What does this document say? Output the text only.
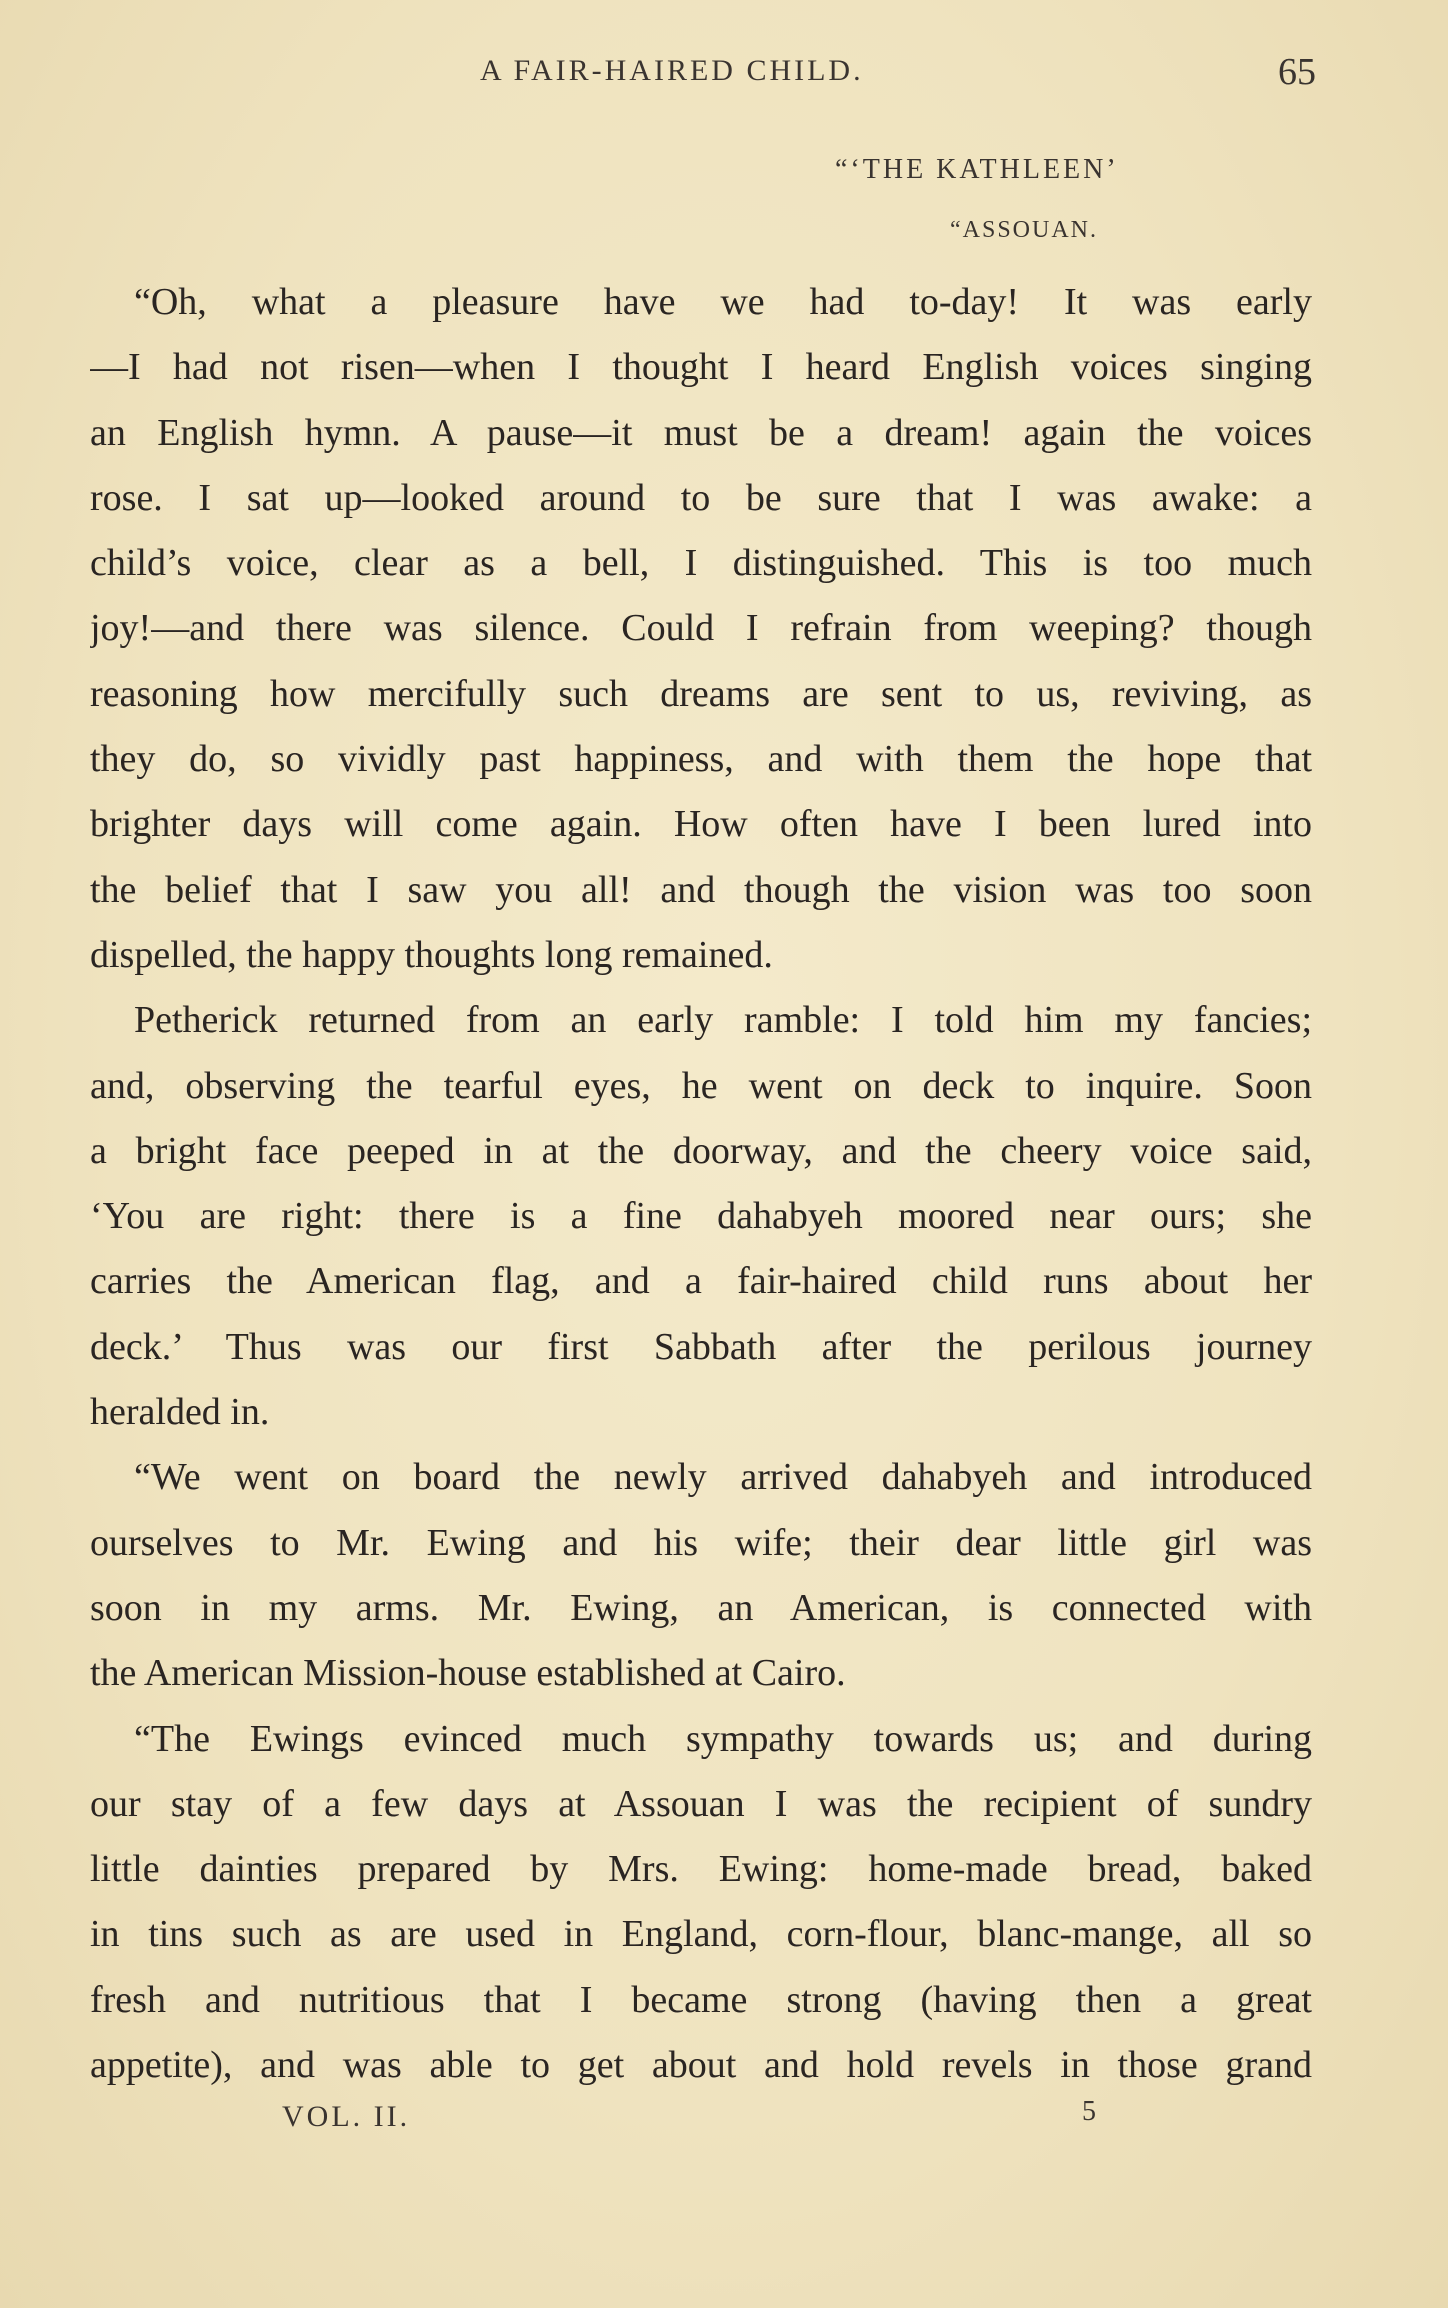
A FAIR-HAIRED CHILD.	65
“‘THE KATHLEEN’
“ASSOUAN.
“Oh, what a pleasure have we had to-day! It was early
—I had not risen—when I thought I heard English voices singing
an English hymn. A pause—it must be a dream! again the voices
rose. I sat up—looked around to be sure that I was awake: a
child’s voice, clear as a bell, I distinguished. This is too much
joy!—and there was silence. Could I refrain from weeping? though
reasoning how mercifully such dreams are sent to us, reviving, as
they do, so vividly past happiness, and with them the hope that
brighter days will come again. How often have I been lured into
the belief that I saw you all! and though the vision was too soon
dispelled, the happy thoughts long remained.
Petherick returned from an early ramble: I told him my fancies;
and, observing the tearful eyes, he went on deck to inquire. Soon
a bright face peeped in at the doorway, and the cheery voice said,
‘You are right: there is a fine dahabyeh moored near ours; she
carries the American flag, and a fair-haired child runs about her
deck.’ Thus was our first Sabbath after the perilous journey
heralded in.
“We went on board the newly arrived dahabyeh and introduced
ourselves to Mr. Ewing and his wife; their dear little girl was
soon in my arms. Mr. Ewing, an American, is connected with
the American Mission-house established at Cairo.
“The Ewings evinced much sympathy towards us; and during
our stay of a few days at Assouan I was the recipient of sundry
little dainties prepared by Mrs. Ewing: home-made bread, baked
in tins such as are used in England, corn-flour, blanc-mange, all so
fresh and nutritious that I became strong (having then a great
appetite), and was able to get about and hold revels in those grand
VOL. II.	5
